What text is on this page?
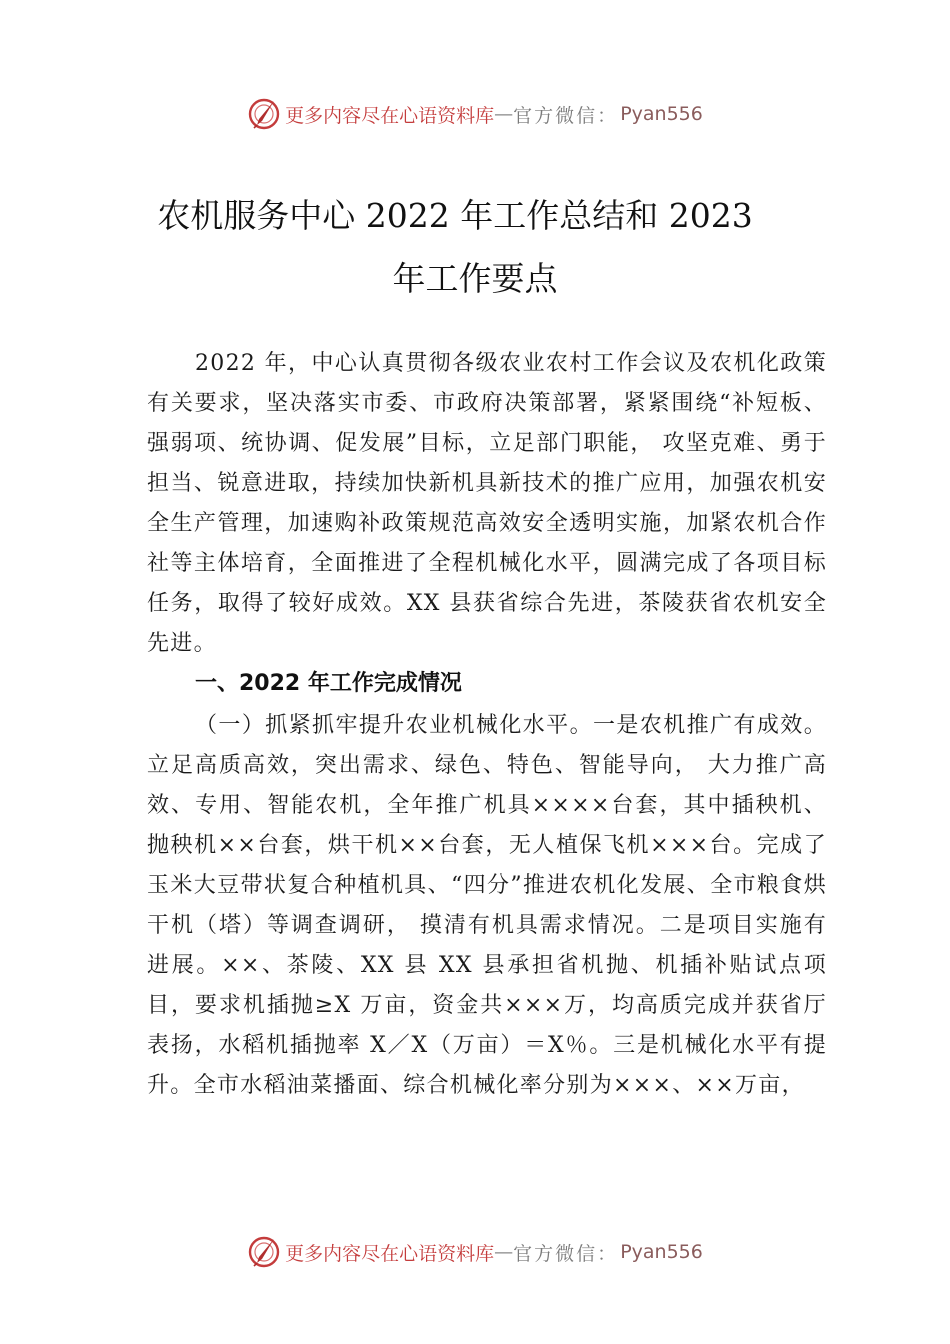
更多内容尽在心语资料库 — 官方微信： Pyan556
农机服务中心 2022 年工作总结和 2023
年工作要点
2022 年，中心认真贯彻各级农业农村工作会议及农机化政策有关要求，坚决落实市委、市政府决策部署，紧紧围绕“补短板、强弱项、统协调、促发展”目标，立足部门职能， 攻坚克难、勇于担当、锐意进取，持续加快新机具新技术的推广应用，加强农机安全生产管理，加速购补政策规范高效安全透明实施，加紧农机合作社等主体培育，全面推进了全程机械化水平，圆满完成了各项目标任务，取得了较好成效。XX 县获省综合先进，茶陵获省农机安全先进。
一、2022 年工作完成情况
（一）抓紧抓牢提升农业机械化水平。一是农机推广有成效。立足高质高效，突出需求、绿色、特色、智能导向， 大力推广高效、专用、智能农机，全年推广机具××××台套，其中插秧机、抛秧机××台套，烘干机××台套，无人植保飞机×××台。完成了玉米大豆带状复合种植机具、“四分”推进农机化发展、全市粮食烘干机（塔）等调查调研， 摸清有机具需求情况。二是项目实施有进展。××、茶陵、XX 县 XX 县承担省机抛、机插补贴试点项目，要求机插抛≥X 万亩，资金共×××万，均高质完成并获省厅表扬，水稻机插抛率 X／X（万亩）＝X％。三是机械化水平有提升。全市水稻油菜播面、综合机械化率分别为×××、××万亩，
更多内容尽在心语资料库 — 官方微信： Pyan556
